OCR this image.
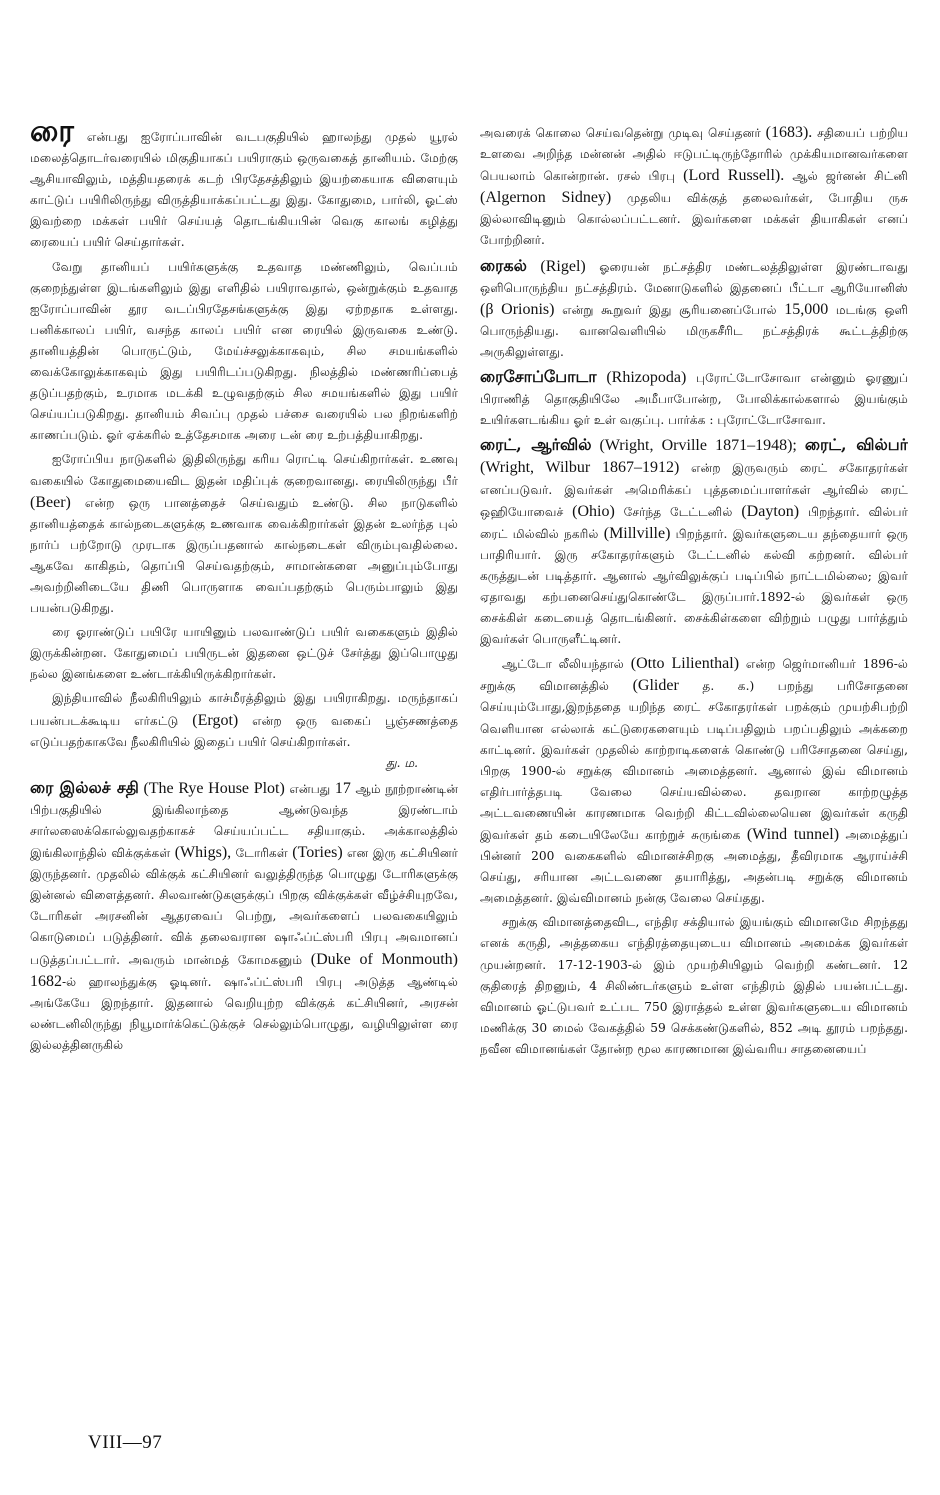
ரை என்பது ஐரோப்பாவின் வடபகுதியில் ஹாலந்து முதல் யூரல் மலைத்தொடர்வரையில் மிகுதியாகப் பயிராகும் ஒருவகைத் தானியம். மேற்கு ஆசியாவிலும், மத்தியதரைக் கடற் பிரதேசத்திலும் இயற்கையாக விளையும் காட்டுப் பயிரிலிருந்து விருத்தியாக்கப்பட்டது இது. கோதுமை, பார்லி, ஓட்ஸ் இவற்றை மக்கள் பயிர் செய்யத் தொடங்கியபின் வெகு காலங் கழித்து ரையைப் பயிர் செய்தார்கள்.

வேறு தானியப் பயிர்களுக்கு உதவாத மண்ணிலும், வெப்பம் குறைந்துள்ள இடங்களிலும் இது எளிதில் பயிராவதால், ஒன்றுக்கும் உதவாத ஐரோப்பாவின் தூர வடப்பிரதேசங்களுக்கு இது ஏற்றதாக உள்ளது. பனிக்காலப் பயிர், வசந்த காலப் பயிர் என ரையில் இருவகை உண்டு. தானியத்தின் பொருட்டும், மேய்ச்சலுக்காகவும், சில சமயங்களில் வைக்கோலுக்காகவும் இது பயிரிடப்படுகிறது. நிலத்தில் மண்ணரிப்பைத் தடுப்பதற்கும், உரமாக மடக்கி உழுவதற்கும் சில சமயங்களில் இது பயிர் செய்யப்படுகிறது. தானியம் சிவப்பு முதல் பச்சை வரையில் பல நிறங்களிற் காணப்படும். ஓர் ஏக்கரில் உத்தேசமாக அரை டன் ரை உற்பத்தியாகிறது.

ஐரோப்பிய நாடுகளில் இதிலிருந்து கரிய ரொட்டி செய்கிறார்கள். உணவு வகையில் கோதுமையைவிட இதன் மதிப்புக் குறைவானது. ரையிலிருந்து பீர் (Beer) என்ற ஒரு பானத்தைச் செய்வதும் உண்டு. சில நாடுகளில் தானியத்தைக் கால்நடைகளுக்கு உணவாக வைக்கிறார்கள் இதன் உலர்ந்த புல் நார்ப் பற்றோடு முரடாக இருப்பதனால் கால்நடைகள் விரும்புவதில்லை. ஆகவே காகிதம், தொப்பி செய்வதற்கும், சாமான்களை அனுப்பும்போது அவற்றினிடையே திணி பொருளாக வைப்பதற்கும் பெரும்பாலும் இது பயன்படுகிறது.

ரை ஓராண்டுப் பயிரே யாயினும் பலவாண்டுப் பயிர் வகைகளும் இதில் இருக்கின்றன. கோதுமைப் பயிருடன் இதனை ஒட்டுச் சேர்த்து இப்பொழுது நல்ல இனங்களை உண்டாக்கியிருக்கிறார்கள்.

இந்தியாவில் நீலகிரியிலும் காச்மீரத்திலும் இது பயிராகிறது. மருந்தாகப் பயன்படக்கூடிய எர்கட்டு (Ergot) என்ற ஒரு வகைப் பூஞ்சணத்தை எடுப்பதற்காகவே நீலகிரியில் இதைப் பயிர் செய்கிறார்கள்.
து. ம.

ரை இல்லச் சதி (The Rye House Plot) என்பது 17 ஆம் நூற்றாண்டின் பிற்பகுதியில் இங்கிலாந்தை ஆண்டுவந்த இரண்டாம் சார்லஸைக்கொல்லுவதற்காகச் செய்யப்பட்ட சதியாகும். அக்காலத்தில் இங்கிலாந்தில் விக்குக்கள் (Whigs), டோரிகள் (Tories) என இரு கட்சியினர் இருந்தனர். முதலில் விக்குக் கட்சியினர் வலுத்திருந்த பொழுது டோரிகளுக்கு இன்னல் விளைத்தனர். சிலவாண்டுகளுக்குப் பிறகு விக்குக்கள் வீழ்ச்சியுறவே, டோரிகள் அரசனின் ஆதரவைப் பெற்று, அவர்களைப் பலவகையிலும் கொடுமைப் படுத்தினர். விக் தலைவரான ஷாஃப்ட்ஸ்பரி பிரபு அவமானப் படுத்தப்பட்டார். அவரும் மான்மத் கோமகனும் (Duke of Monmouth) 1682-ல் ஹாலந்துக்கு ஓடினர். ஷாஃப்ட்ஸ்பரி பிரபு அடுத்த ஆண்டில் அங்கேயே இறந்தார். இதனால் வெறியுற்ற விக்குக் கட்சியினர், அரசன் லண்டனிலிருந்து நியூமார்க்கெட்டுக்குச் செல்லும்பொழுது, வழியிலுள்ள ரை இல்லத்தினருகில்

அவரைக் கொலை செய்வதென்று முடிவு செய்தனர் (1683). சதியைப் பற்றிய உளவை அறிந்த மன்னன் அதில் ஈடுபட்டிருந்தோரில் முக்கியமானவர்களை பெயலாம் கொன்றான். ரசல் பிரபு (Lord Russell). ஆல் ஜர்னன் சிட்னி (Algernon Sidney) முதலிய விக்குத் தலைவர்கள், போதிய ருசு இல்லாவிடினும் கொல்லப்பட்டனர். இவர்களை மக்கள் தியாகிகள் எனப் போற்றினர்.

ரைகல் (Rigel) ஓரையன் நட்சத்திர மண்டலத்திலுள்ள இரண்டாவது ஒளிபொருந்திய நட்சத்திரம். மேனாடுகளில் இதனைப் பீட்டா ஆரியோனிஸ் (β Orionis) என்று கூறுவர் இது சூரியனைப்போல் 15,000 மடங்கு ஒளி பொருந்தியது. வானவெளியில் மிருகசீரிட நட்சத்திரக் கூட்டத்திற்கு அருகிலுள்ளது.

ரைசோப்போடா (Rhizopoda) புரோட்டோசோவா என்னும் ஓரணுப் பிராணித் தொகுதியிலே அமீபாபோன்ற, போலிக்கால்களால் இயங்கும் உயிர்களடங்கிய ஓர் உள் வகுப்பு. பார்க்க : புரோட்டோசோவா.

ரைட், ஆர்வில் (Wright, Orville 1871–1948); ரைட், வில்பர் (Wright, Wilbur 1867–1912) என்ற இருவரும் ரைட் சகோதரர்கள் எனப்படுவர். இவர்கள் அமெரிக்கப் புத்தமைப்பாளர்கள் ஆர்வில் ரைட் ஒஹியோவைச் (Ohio) சேர்ந்த டேட்டனில் (Dayton) பிறந்தார். வில்பர் ரைட் மில்வில் நகரில் (Millville) பிறந்தார். இவர்களுடைய தந்தையார் ஒரு பாதிரியார். இரு சகோதரர்களும் டேட்டனில் கல்வி கற்றனர். வில்பர் கருத்துடன் படித்தார். ஆனால் ஆர்விலுக்குப் படிப்பில் நாட்டமில்லை; இவர் ஏதாவது கற்பனைசெய்துகொண்டே இருப்பார்.1892-ல் இவர்கள் ஒரு சைக்கிள் கடையைத் தொடங்கினர். சைக்கிள்களை விற்றும் பழுது பார்த்தும் இவர்கள் பொருளீட்டினர்.

ஆட்டோ லீலியந்தால் (Otto Lilienthal) என்ற ஜெர்மானியர் 1896-ல் சறுக்கு விமானத்தில் (Glider த. க.) பறந்து பரிசோதனை செய்யும்போது,இறந்ததை யறிந்த ரைட் சகோதரர்கள் பறக்கும் முயற்சிபற்றி வெளியான எல்லாக் கட்டுரைகளையும் படிப்பதிலும் பறப்பதிலும் அக்கறை காட்டினர். இவர்கள் முதலில் காற்றாடிகளைக் கொண்டு பரிசோதனை செய்து, பிறகு 1900-ல் சறுக்கு விமானம் அமைத்தனர். ஆனால் இவ் விமானம் எதிர்பார்த்தபடி வேலை செய்யவில்லை. தவறான காற்றழுத்த அட்டவணையின் காரணமாக வெற்றி கிட்டவில்லையென இவர்கள் கருதி இவர்கள் தம் கடையிலேயே காற்றுச் சுருங்கை (Wind tunnel) அமைத்துப் பின்னர் 200 வகைகளில் விமானச்சிறகு அமைத்து, தீவிரமாக ஆராய்ச்சி செய்து, சரியான அட்டவணை தயாரித்து, அதன்படி சறுக்கு விமானம் அமைத்தனர். இவ்விமானம் நன்கு வேலை செய்தது.

சறுக்கு விமானத்தைவிட, எந்திர சக்தியால் இயங்கும் விமானமே சிறந்தது எனக் கருதி, அத்தகைய எந்திரத்தையுடைய விமானம் அமைக்க இவர்கள் முயன்றனர். 17-12-1903-ல் இம் முயற்சியிலும் வெற்றி கண்டனர். 12 குதிரைத் திறனும், 4 சிலிண்டர்களும் உள்ள எந்திரம் இதில் பயன்பட்டது. விமானம் ஓட்டுபவர் உட்பட 750 இராத்தல் உள்ள இவர்களுடைய விமானம் மணிக்கு 30 மைல் வேகத்தில் 59 செக்கண்டுகளில், 852 அடி தூரம் பறந்தது. நவீன விமானங்கள் தோன்ற மூல காரணமான இவ்வரிய சாதனையைப்

VIII—97
